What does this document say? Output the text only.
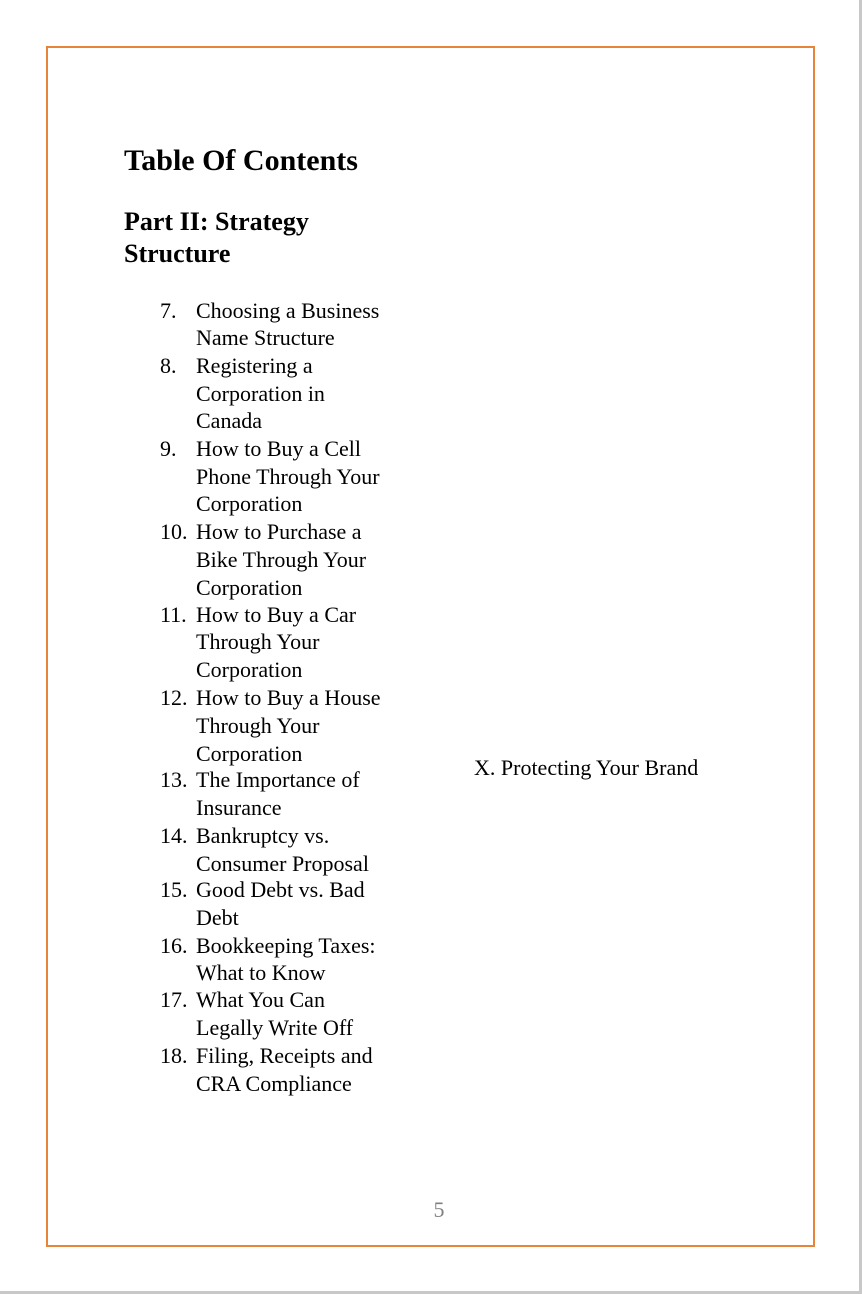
Table Of Contents
Part II: Strategy
Structure
7. Choosing a Business
Name Structure
8. Registering a
Corporation in
Canada
9. How to Buy a Cell
Phone Through Your
Corporation
10. How to Purchase a
Bike Through Your
Corporation
11. How to Buy a Car
Through Your
Corporation
12. How to Buy a House
Through Your
Corporation
13. The Importance of
Insurance
14. Bankruptcy vs.
Consumer Proposal
15. Good Debt vs. Bad
Debt
16. Bookkeeping Taxes:
What to Know
17. What You Can
Legally Write Off
18. Filing, Receipts and
CRA Compliance
X. Protecting Your Brand
5
